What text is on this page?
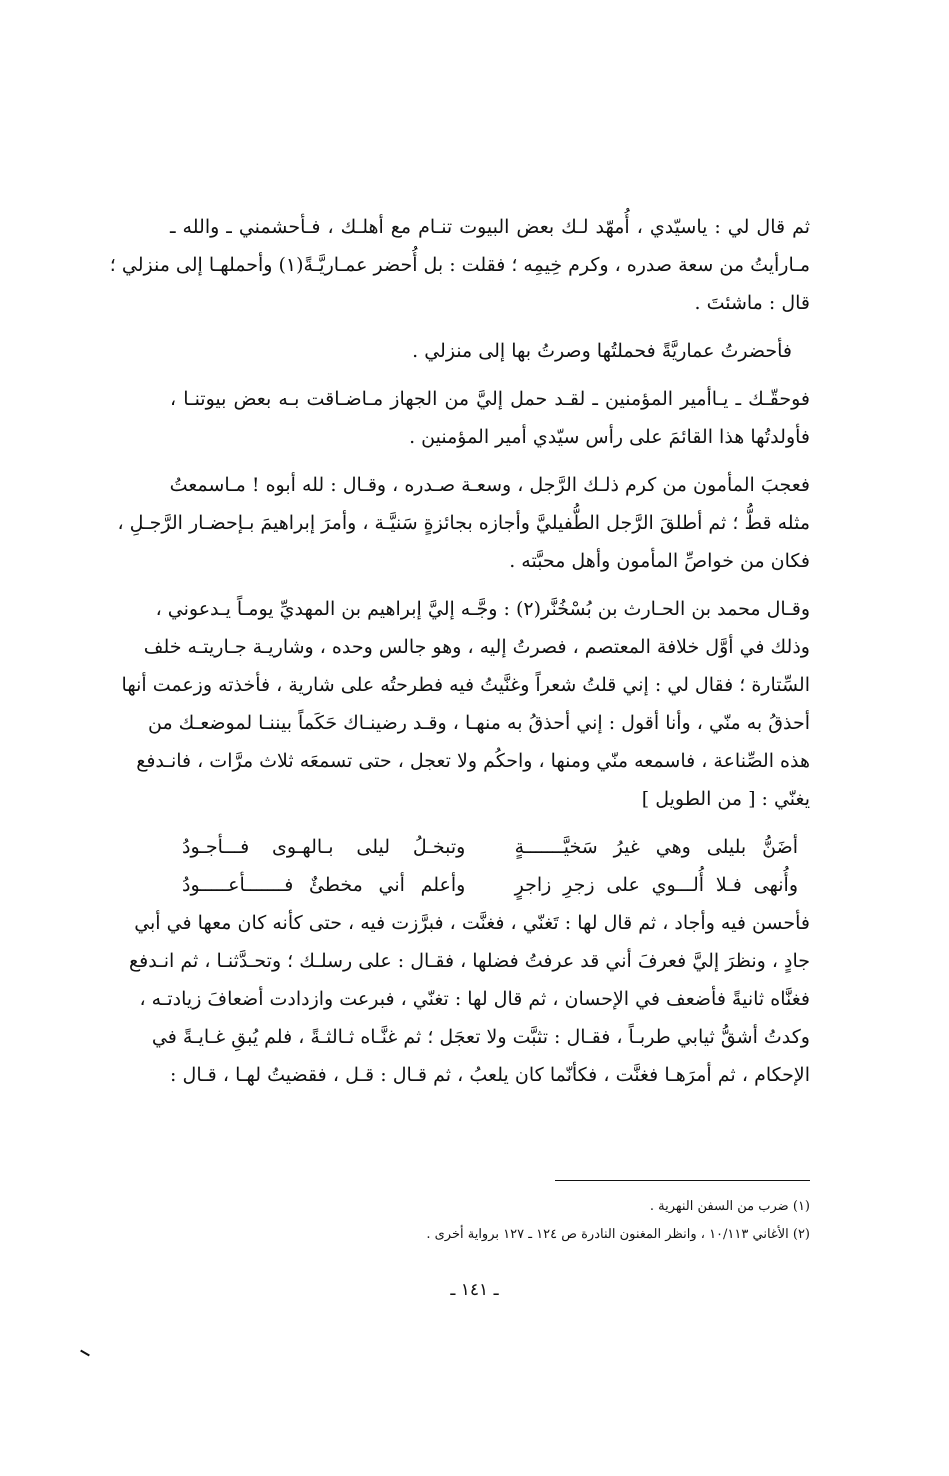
ثم قال لي : ياسيّدي ، أُمهّد لـك بعض البيوت تنـام مع أهلـك ، فـأحشمني ـ والله ـ
مـارأيتُ من سعة صدره ، وكرم خِيمِه ؛ فقلت : بل أُحضر عمـاريَّـةً(١) وأحملهـا إلى منزلي ؛
قال : ماشئتَ .
فأحضرتُ عماريَّةً فحملتُها وصرتُ بها إلى منزلي .
فوحقّـك ـ يـاأمير المؤمنين ـ لقـد حمل إليَّ من الجهاز مـاضـاقت بـه بعض بيوتنـا ،
فأولدتُها هذا القائمَ على رأس سيّدي أمير المؤمنين .
فعجبَ المأمون من كرم ذلـك الرَّجل ، وسعـة صـدره ، وقـال : لله أبوه ! مـاسمعتُ
مثله قطُّ ؛ ثم أطلقَ الرَّجل الطُّفيليَّ وأجازه بجائزةٍ سَنيَّـة ، وأمرَ إبراهيمَ بـإحضـار الرَّجـلِ ،
فكان من خواصِّ المأمون وأهل محبَّته .
وقـال محمد بن الحـارث بن بُسْخُنَّر(٢) : وجَّـه إليَّ إبراهيم بن المهديِّ يومـاً يـدعوني ،
وذلك في أوَّل خلافة المعتصم ، فصرتُ إليه ، وهو جالس وحده ، وشاريـة جـاريتـه خلف
السِّتارة ؛ فقال لي : إني قلتُ شعراً وغنَّيتُ فيه فطرحتُه على شارية ، فأخذته وزعمت أنها
أحذقُ به منّي ، وأنا أقول : إني أحذقُ به منهـا ، وقـد رضينـاك حَكَماً بيننـا لموضعـك من
هذه الصِّناعة ، فاسمعه منّي ومنها ، واحكُم ولا تعجل ، حتى تسمعَه ثلاث مرَّات ، فانـدفع
يغنّي : [ من الطويل ]
أضَنُّ بليلى وهي غيرُ سَخيَّـــــــةٍ
وتبخـلُ ليلى بـالهـوى فـــأجـودُ
وأُنهى فـلا أُلـــوي على زجرِ زاجرٍ
وأعلم أني مخطئٌ فـــــــأعـــــودُ
فأحسن فيه وأجاد ، ثم قال لها : تَغنّي ، فغنَّت ، فبرَّزت فيه ، حتى كأنه كان معها في أبي
جادٍ ، ونظرَ إليَّ فعرفَ أني قد عرفتُ فضلها ، فقـال : على رسلـك ؛ وتحـدَّثنـا ، ثم انـدفع
فغنَّاه ثانيةً فأضعف في الإحسان ، ثم قال لها : تغنّي ، فبرعت وازدادت أضعافَ زيادتـه ،
وكدتُ أشقُّ ثيابي طربـاً ، فقـال : تثبَّت ولا تعجَل ؛ ثم غنَّـاه ثـالثـةً ، فلم يُبقِ غـايـةً في
الإحكام ، ثم أمرَهـا فغنَّت ، فكأنّما كان يلعبُ ، ثم قـال : قـل ، فقضيتُ لهـا ، قـال :
(١) ضرب من السفن النهرية .
(٢) الأغاني ١٠/١١٣ ، وانظر المغنون النادرة ص ١٢٤ ـ ١٢٧ برواية أخرى .
ـ ١٤١ ـ
